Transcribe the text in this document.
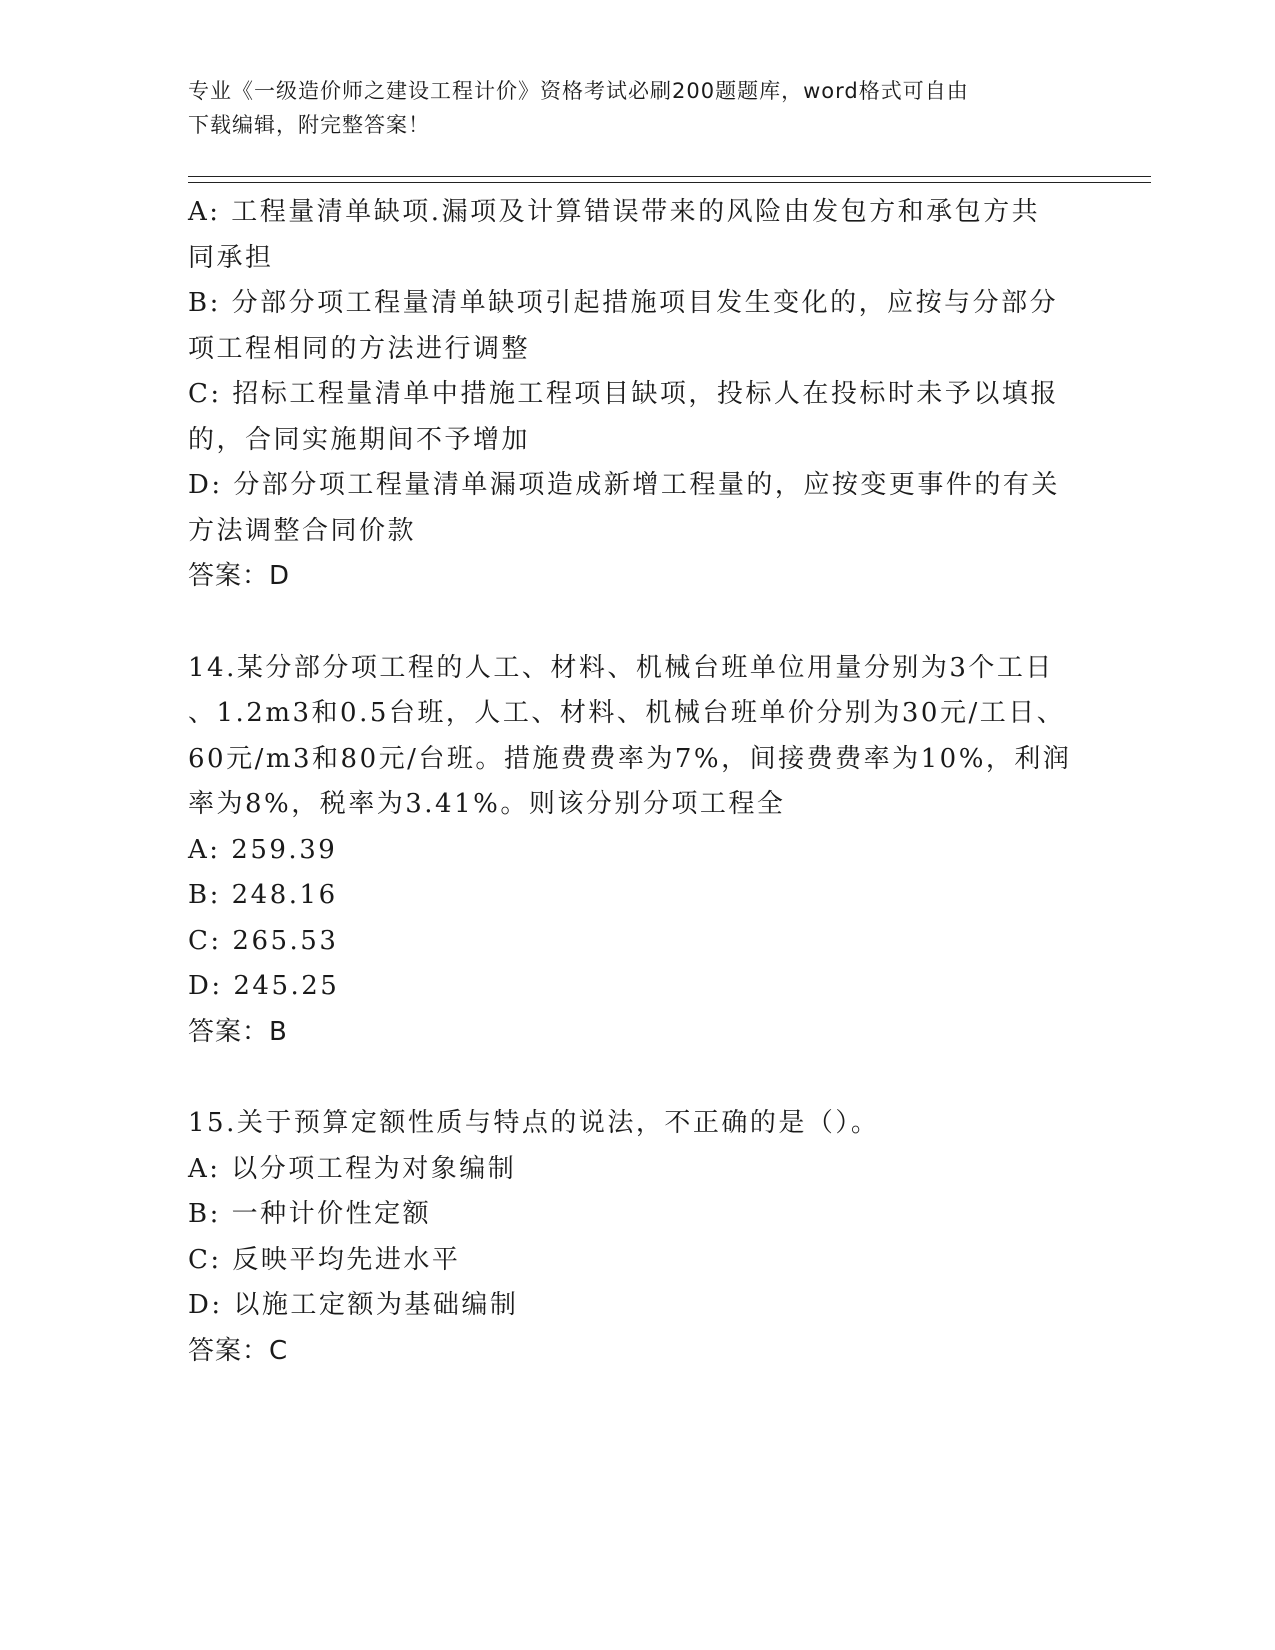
专业《一级造价师之建设工程计价》资格考试必刷200题题库，word格式可自由
下载编辑，附完整答案！
A: 工程量清单缺项.漏项及计算错误带来的风险由发包方和承包方共
同承担
B: 分部分项工程量清单缺项引起措施项目发生变化的，应按与分部分
项工程相同的方法进行调整
C: 招标工程量清单中措施工程项目缺项，投标人在投标时未予以填报
的，合同实施期间不予增加
D: 分部分项工程量清单漏项造成新增工程量的，应按变更事件的有关
方法调整合同价款
答案：D
14.某分部分项工程的人工、材料、机械台班单位用量分别为3个工日
、1.2m3和0.5台班，人工、材料、机械台班单价分别为30元/工日、
60元/m3和80元/台班。措施费费率为7%，间接费费率为10%，利润
率为8%，税率为3.41%。则该分别分项工程全
A: 259.39
B: 248.16
C: 265.53
D: 245.25
答案：B
15.关于预算定额性质与特点的说法，不正确的是（）。
A: 以分项工程为对象编制
B: 一种计价性定额
C: 反映平均先进水平
D: 以施工定额为基础编制
答案：C
